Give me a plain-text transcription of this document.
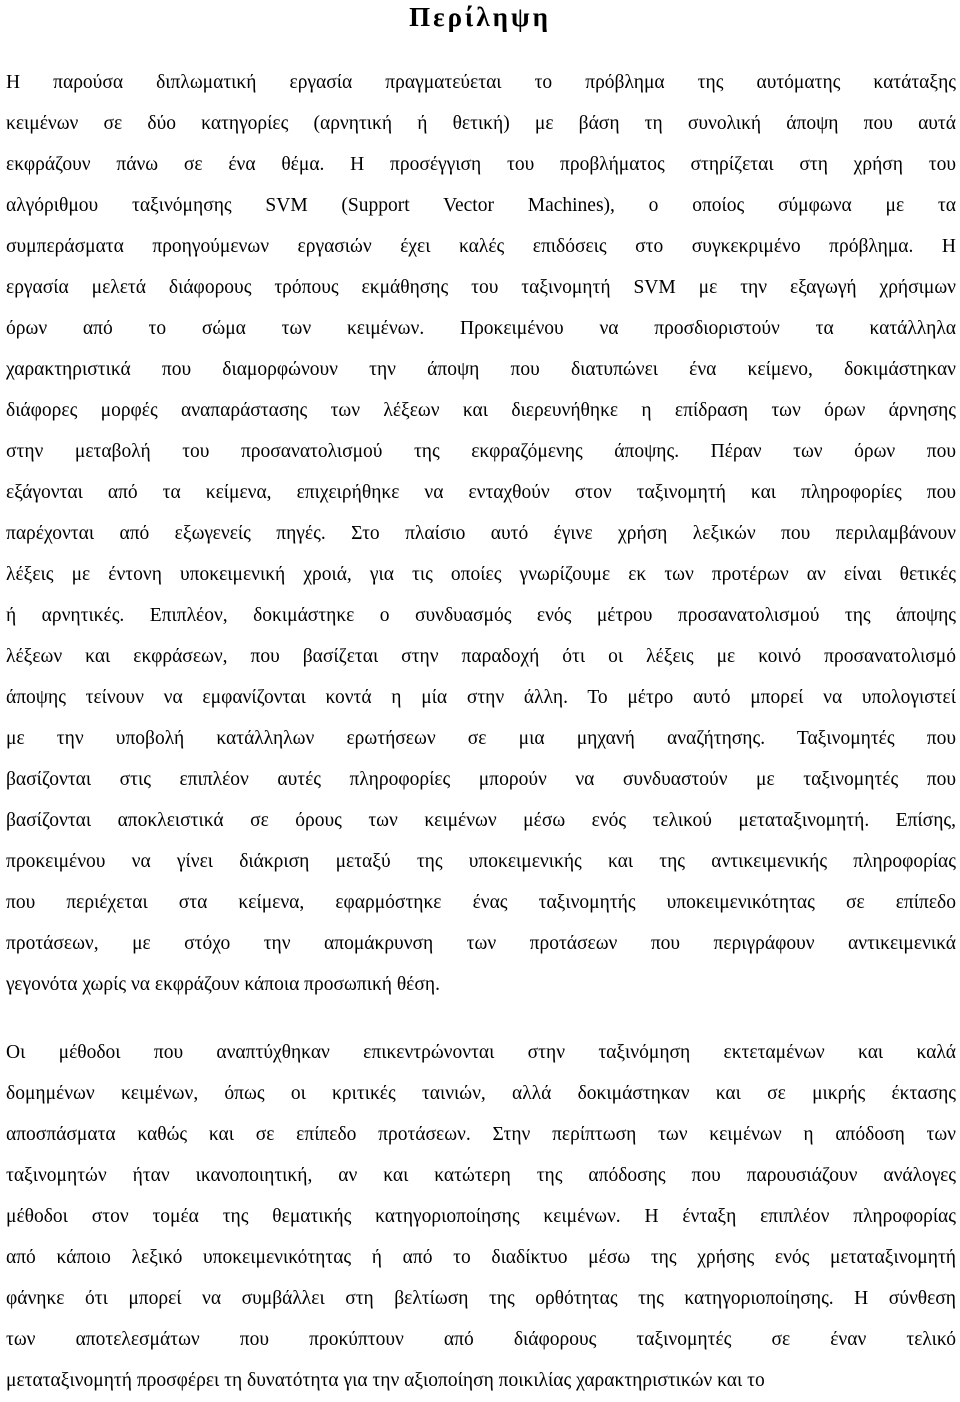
Περίληψη
Η παρούσα διπλωματική εργασία πραγματεύεται το πρόβλημα της αυτόματης κατάταξης
κειμένων σε δύο κατηγορίες (αρνητική ή θετική) με βάση τη συνολική άποψη που αυτά
εκφράζουν πάνω σε ένα θέμα. Η προσέγγιση του προβλήματος στηρίζεται στη χρήση του
αλγόριθμου ταξινόμησης SVM (Support Vector Machines), ο οποίος σύμφωνα με τα
συμπεράσματα προηγούμενων εργασιών έχει καλές επιδόσεις στο συγκεκριμένο πρόβλημα. Η
εργασία μελετά διάφορους τρόπους εκμάθησης του ταξινομητή SVM με την εξαγωγή χρήσιμων
όρων από το σώμα των κειμένων. Προκειμένου να προσδιοριστούν τα κατάλληλα
χαρακτηριστικά που διαμορφώνουν την άποψη που διατυπώνει ένα κείμενο, δοκιμάστηκαν
διάφορες μορφές αναπαράστασης των λέξεων και διερευνήθηκε η επίδραση των όρων άρνησης
στην μεταβολή του προσανατολισμού της εκφραζόμενης άποψης. Πέραν των όρων που
εξάγονται από τα κείμενα, επιχειρήθηκε να ενταχθούν στον ταξινομητή και πληροφορίες που
παρέχονται από εξωγενείς πηγές. Στο πλαίσιο αυτό έγινε χρήση λεξικών που περιλαμβάνουν
λέξεις με έντονη υποκειμενική χροιά, για τις οποίες γνωρίζουμε εκ των προτέρων αν είναι θετικές
ή αρνητικές. Επιπλέον, δοκιμάστηκε ο συνδυασμός ενός μέτρου προσανατολισμού της άποψης
λέξεων και εκφράσεων, που βασίζεται στην παραδοχή ότι οι λέξεις με κοινό προσανατολισμό
άποψης τείνουν να εμφανίζονται κοντά η μία στην άλλη. Το μέτρο αυτό μπορεί να υπολογιστεί
με την υποβολή κατάλληλων ερωτήσεων σε μια μηχανή αναζήτησης. Ταξινομητές που
βασίζονται στις επιπλέον αυτές πληροφορίες μπορούν να συνδυαστούν με ταξινομητές που
βασίζονται αποκλειστικά σε όρους των κειμένων μέσω ενός τελικού μεταταξινομητή. Επίσης,
προκειμένου να γίνει διάκριση μεταξύ της υποκειμενικής και της αντικειμενικής πληροφορίας
που περιέχεται στα κείμενα, εφαρμόστηκε ένας ταξινομητής υποκειμενικότητας σε επίπεδο
προτάσεων, με στόχο την απομάκρυνση των προτάσεων που περιγράφουν αντικειμενικά
γεγονότα χωρίς να εκφράζουν κάποια προσωπική θέση.
Οι μέθοδοι που αναπτύχθηκαν επικεντρώνονται στην ταξινόμηση εκτεταμένων και καλά
δομημένων κειμένων, όπως οι κριτικές ταινιών, αλλά δοκιμάστηκαν και σε μικρής έκτασης
αποσπάσματα καθώς και σε επίπεδο προτάσεων. Στην περίπτωση των κειμένων η απόδοση των
ταξινομητών ήταν ικανοποιητική, αν και κατώτερη της απόδοσης που παρουσιάζουν ανάλογες
μέθοδοι στον τομέα της θεματικής κατηγοριοποίησης κειμένων. Η ένταξη επιπλέον πληροφορίας
από κάποιο λεξικό υποκειμενικότητας ή από το διαδίκτυο μέσω της χρήσης ενός μεταταξινομητή
φάνηκε ότι μπορεί να συμβάλλει στη βελτίωση της ορθότητας της κατηγοριοποίησης. Η σύνθεση
των αποτελεσμάτων που προκύπτουν από διάφορους ταξινομητές σε έναν τελικό
μεταταξινομητή προσφέρει τη δυνατότητα για την αξιοποίηση ποικιλίας χαρακτηριστικών και το
